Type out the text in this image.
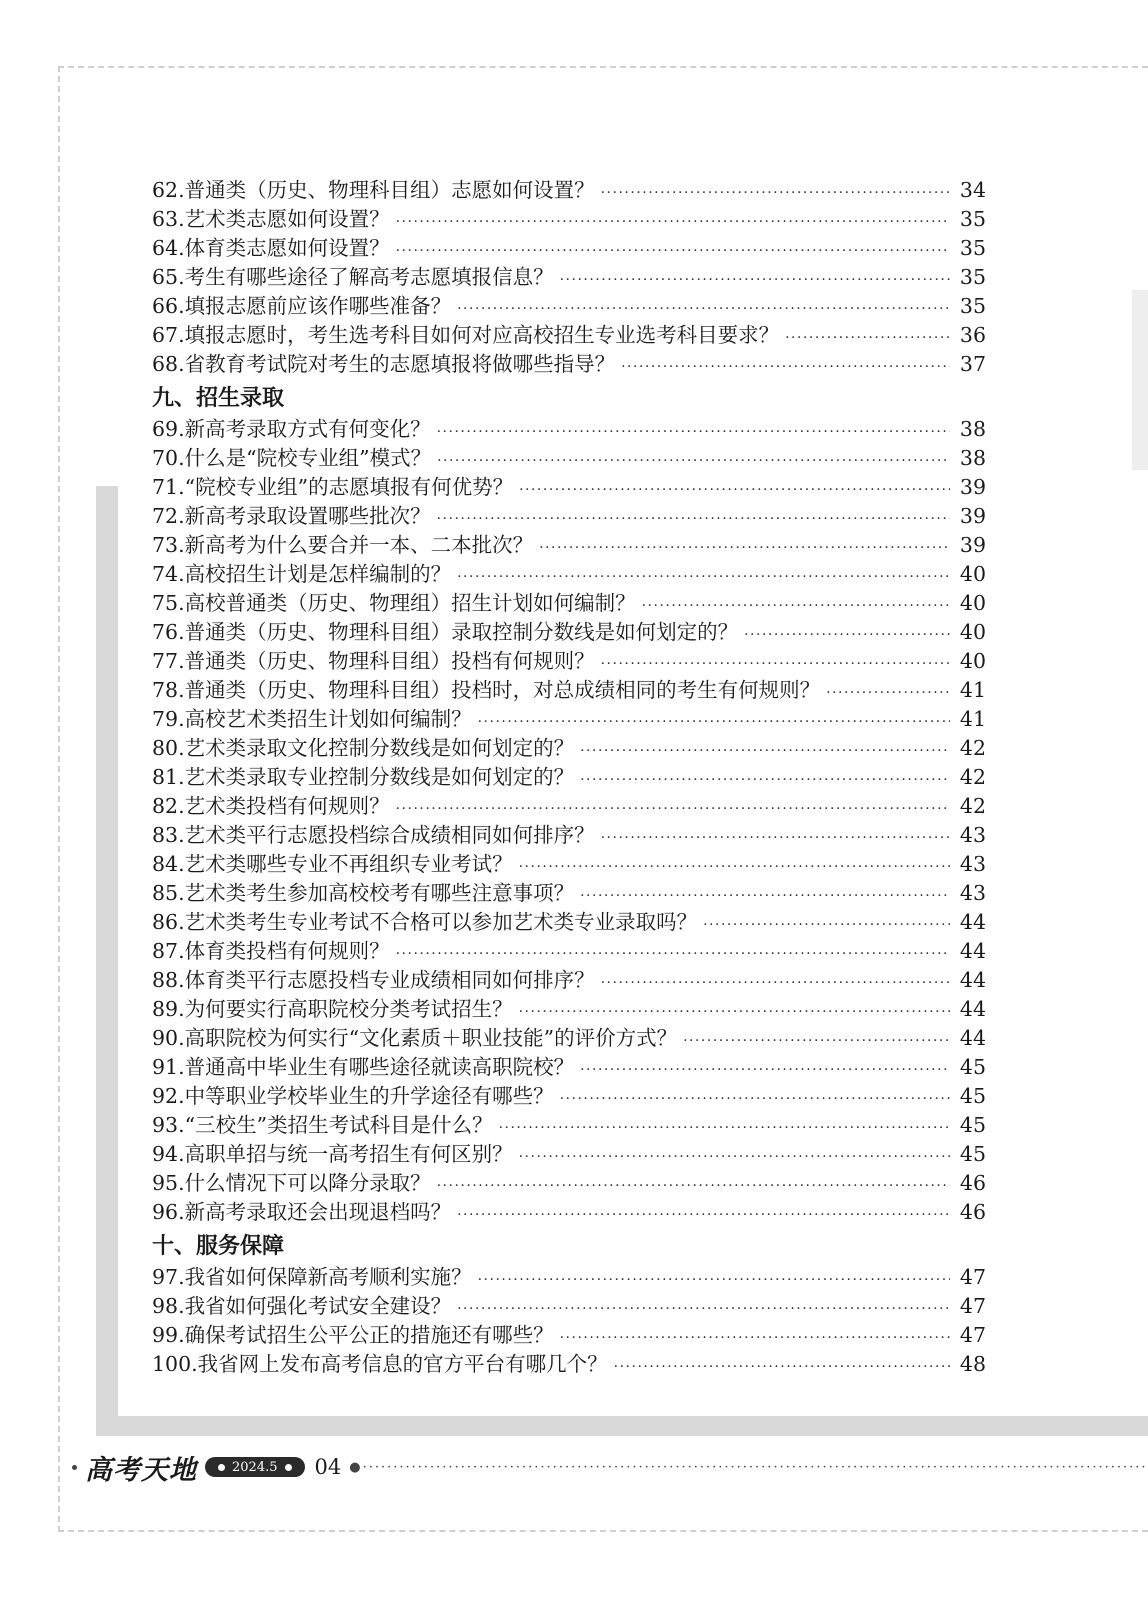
62. 普通类（历史、物理科目组）志愿如何设置？ ·····	34
63. 艺术类志愿如何设置？ ·····	35
64. 体育类志愿如何设置？ ·····	35
65. 考生有哪些途径了解高考志愿填报信息？ ·····	35
66. 填报志愿前应该作哪些准备？ ·····	35
67. 填报志愿时，考生选考科目如何对应高校招生专业选考科目要求？ ·····	36
68. 省教育考试院对考生的志愿填报将做哪些指导？ ·····	37
九、招生录取
69. 新高考录取方式有何变化？ ·····	38
70. 什么是“院校专业组”模式？ ·····	38
71. “院校专业组”的志愿填报有何优势？ ·····	39
72. 新高考录取设置哪些批次？ ·····	39
73. 新高考为什么要合并一本、二本批次？ ·····	39
74. 高校招生计划是怎样编制的？ ·····	40
75. 高校普通类（历史、物理组）招生计划如何编制？ ·····	40
76. 普通类（历史、物理科目组）录取控制分数线是如何划定的？ ·····	40
77. 普通类（历史、物理科目组）投档有何规则？ ·····	40
78. 普通类（历史、物理科目组）投档时，对总成绩相同的考生有何规则？ ·····	41
79. 高校艺术类招生计划如何编制？ ·····	41
80. 艺术类录取文化控制分数线是如何划定的？ ·····	42
81. 艺术类录取专业控制分数线是如何划定的？ ·····	42
82. 艺术类投档有何规则？ ·····	42
83. 艺术类平行志愿投档综合成绩相同如何排序？ ·····	43
84. 艺术类哪些专业不再组织专业考试？ ·····	43
85. 艺术类考生参加高校校考有哪些注意事项？ ·····	43
86. 艺术类考生专业考试不合格可以参加艺术类专业录取吗？ ·····	44
87. 体育类投档有何规则？ ·····	44
88. 体育类平行志愿投档专业成绩相同如何排序？ ·····	44
89. 为何要实行高职院校分类考试招生？ ·····	44
90. 高职院校为何实行“文化素质＋职业技能”的评价方式？ ·····	44
91. 普通高中毕业生有哪些途径就读高职院校？ ·····	45
92. 中等职业学校毕业生的升学途径有哪些？ ·····	45
93. “三校生”类招生考试科目是什么？ ·····	45
94. 高职单招与统一高考招生有何区别？ ·····	45
95. 什么情况下可以降分录取？ ·····	46
96. 新高考录取还会出现退档吗？ ·····	46
十、服务保障
97. 我省如何保障新高考顺利实施？ ·····	47
98. 我省如何强化考试安全建设？ ·····	47
99. 确保考试招生公平公正的措施还有哪些？ ·····	47
100. 我省网上发布高考信息的官方平台有哪几个？ ·····	48
高考天地	2024.5 04
●··············································································································································
